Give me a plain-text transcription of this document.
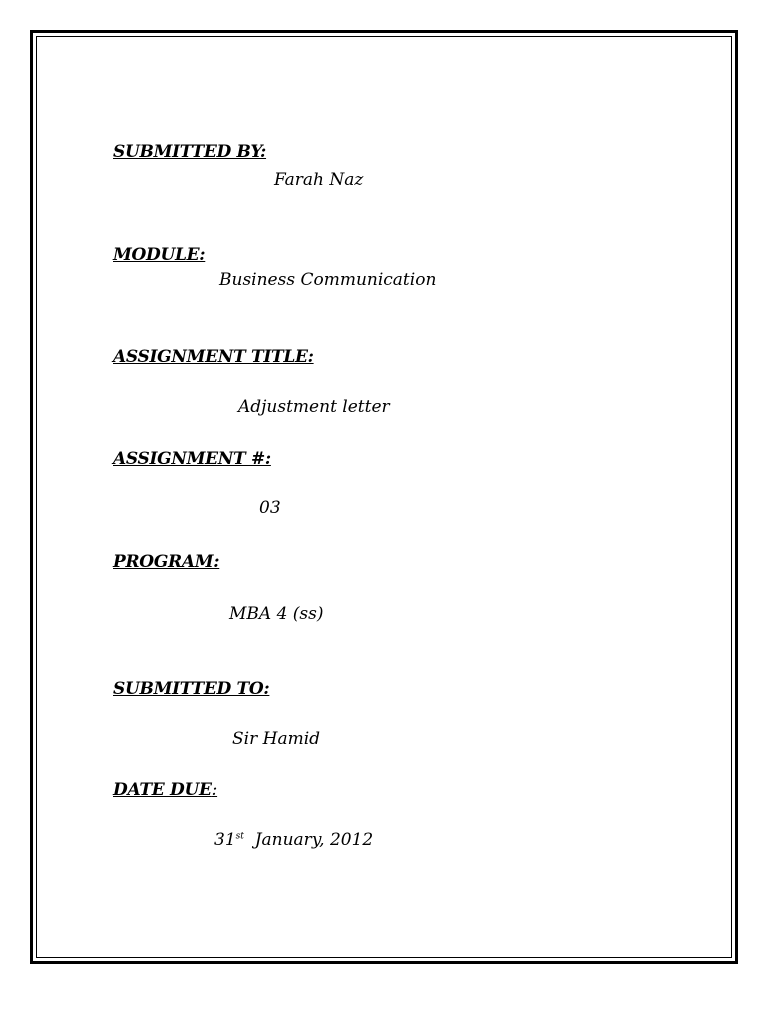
SUBMITTED BY:
Farah Naz
MODULE:
Business Communication
ASSIGNMENT TITLE:
Adjustment letter
ASSIGNMENT #:
03
PROGRAM:
MBA 4 (ss)
SUBMITTED TO:
Sir Hamid
DATE DUE:
31st January, 2012
